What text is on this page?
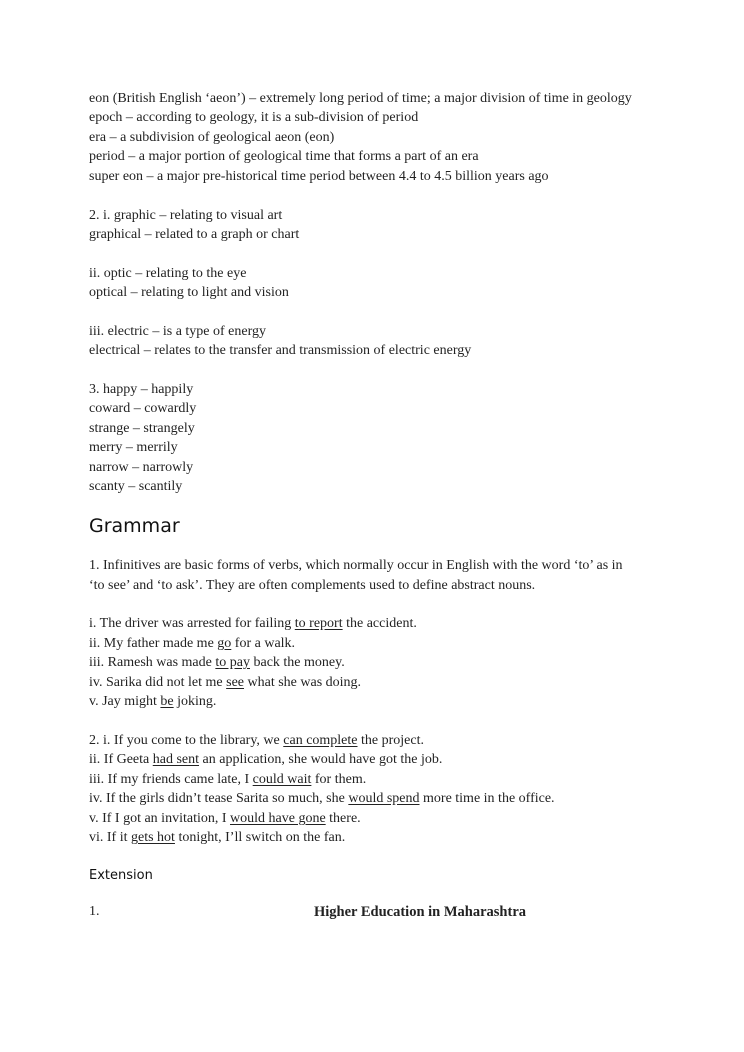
eon (British English ‘aeon’) – extremely long period of time; a major division of time in geology
epoch – according to geology, it is a sub-division of period
era – a subdivision of geological aeon (eon)
period – a major portion of geological time that forms a part of an era
super eon – a major pre-historical time period between 4.4 to 4.5 billion years ago
2. i. graphic – relating to visual art
graphical – related to a graph or chart
ii. optic – relating to the eye
optical – relating to light and vision
iii. electric – is a type of energy
electrical – relates to the transfer and transmission of electric energy
3. happy – happily
coward – cowardly
strange – strangely
merry – merrily
narrow – narrowly
scanty – scantily
Grammar
1. Infinitives are basic forms of verbs, which normally occur in English with the word ‘to’ as in
‘to see’ and ‘to ask’. They are often complements used to define abstract nouns.
i. The driver was arrested for failing to report the accident.
ii. My father made me go for a walk.
iii. Ramesh was made to pay back the money.
iv. Sarika did not let me see what she was doing.
v. Jay might be joking.
2. i. If you come to the library, we can complete the project.
ii. If Geeta had sent an application, she would have got the job.
iii. If my friends came late, I could wait for them.
iv. If the girls didn’t tease Sarita so much, she would spend more time in the office.
v. If I got an invitation, I would have gone there.
vi. If it gets hot tonight, I’ll switch on the fan.
Extension
1.	Higher Education in Maharashtra
